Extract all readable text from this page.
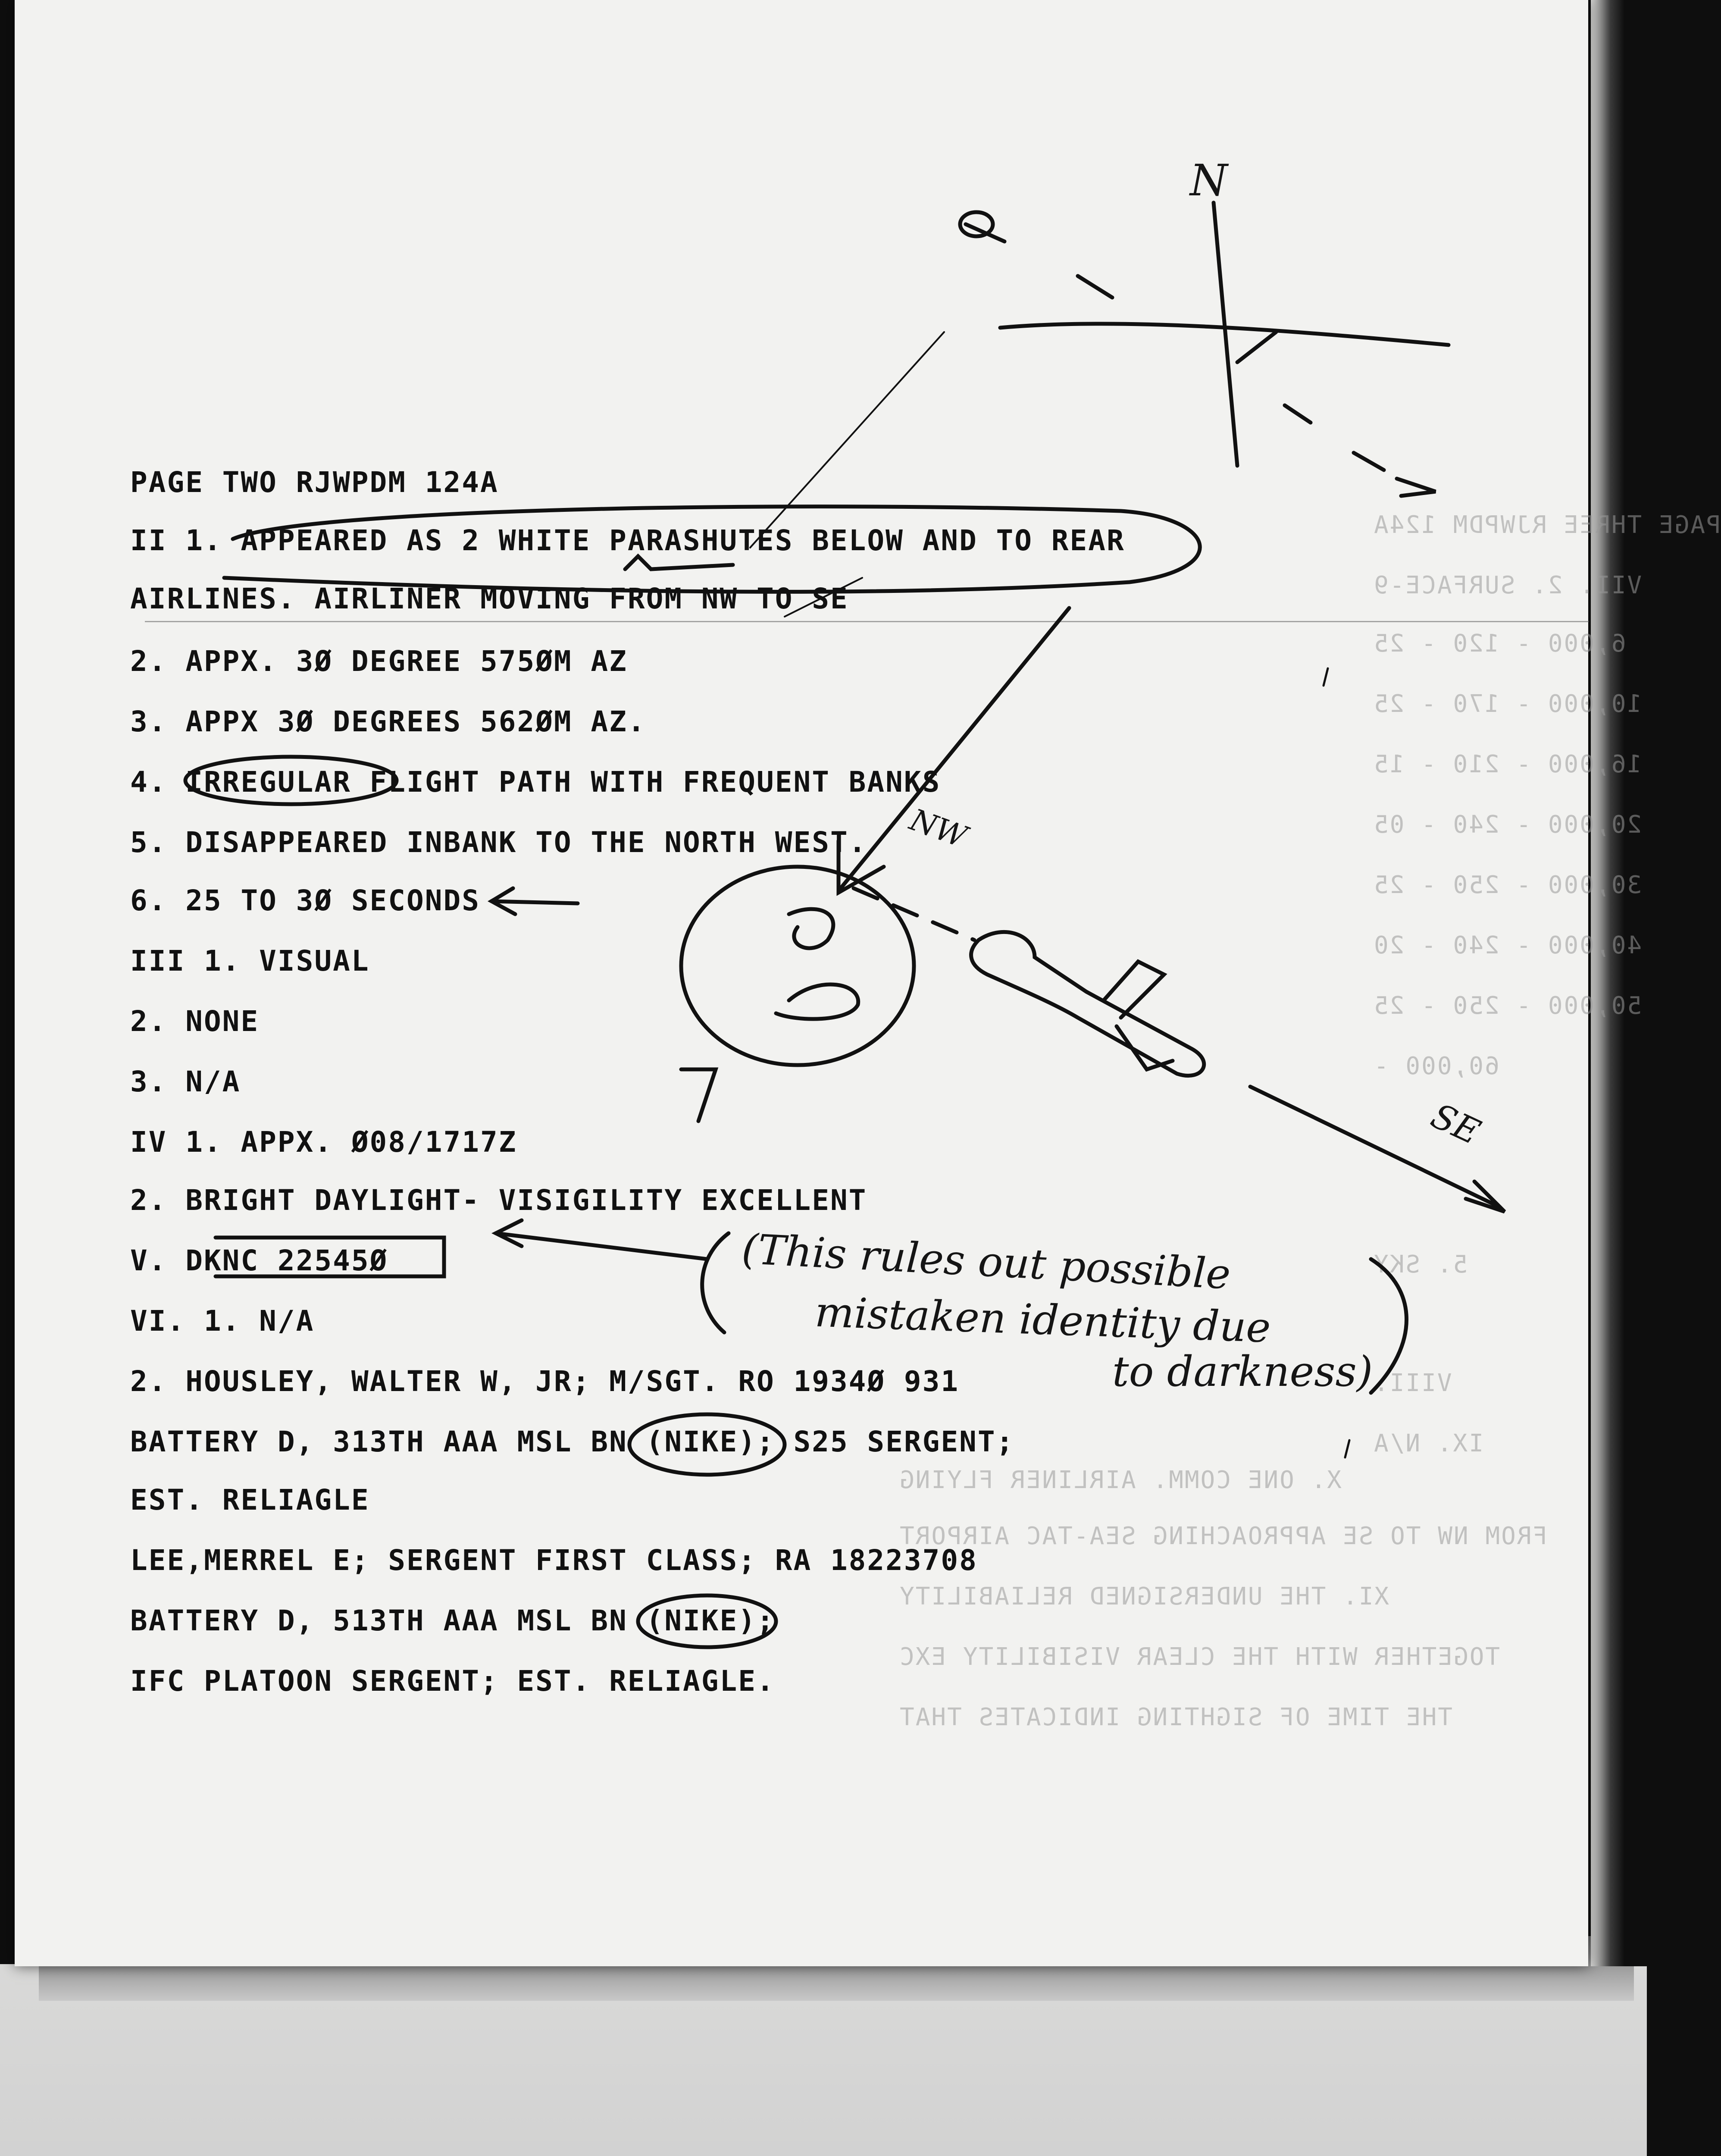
PAGE THREE RJWPDM 124A
VII. 2. SURFACE-9
6,000 - 120 - 25
10,000 - 170 - 25
16,000 - 210 - 15
20,000 - 240 - 05
30,000 - 250 - 25
40,000 - 240 - 20
50,000 - 250 - 25
60,000 -
5. SKY
VIII.
IX. N/A
X. ONE COMM. AIRLINER FLYING
FROM NW TO SE APPROACHING SEA-TAC AIRPORT
XI. THE UNDERSIGNED RELIABILITY
TOGETHER WITH THE CLEAR VISIBILITY EXC
THE TIME OF SIGHTING INDICATES THAT
PAGE TWO RJWPDM 124A
II 1. APPEARED AS 2 WHITE PARASHUTES BELOW AND TO REAR
AIRLINES. AIRLINER MOVING FROM NW TO SE
2. APPX. 3Ø DEGREE 575ØM AZ
3. APPX 3Ø DEGREES 562ØM AZ.
4. IRREGULAR FLIGHT PATH WITH FREQUENT BANKS
5. DISAPPEARED INBANK TO THE NORTH WEST.
6. 25 TO 3Ø SECONDS
III 1. VISUAL
2. NONE
3. N/A
IV 1. APPX. Ø08/1717Z
2. BRIGHT DAYLIGHT- VISIGILITY EXCELLENT
V. DKNC 22545Ø
VI. 1. N/A
2. HOUSLEY, WALTER W, JR; M/SGT. RO 1934Ø 931
BATTERY D, 313TH AAA MSL BN (NIKE); S25 SERGENT;
EST. RELIAGLE
LEE,MERREL E; SERGENT FIRST CLASS; RA 18223708
BATTERY D, 513TH AAA MSL BN (NIKE);
IFC PLATOON SERGENT; EST. RELIAGLE.
N
NW
SE
(This rules out possible
mistaken identity due
to darkness)
